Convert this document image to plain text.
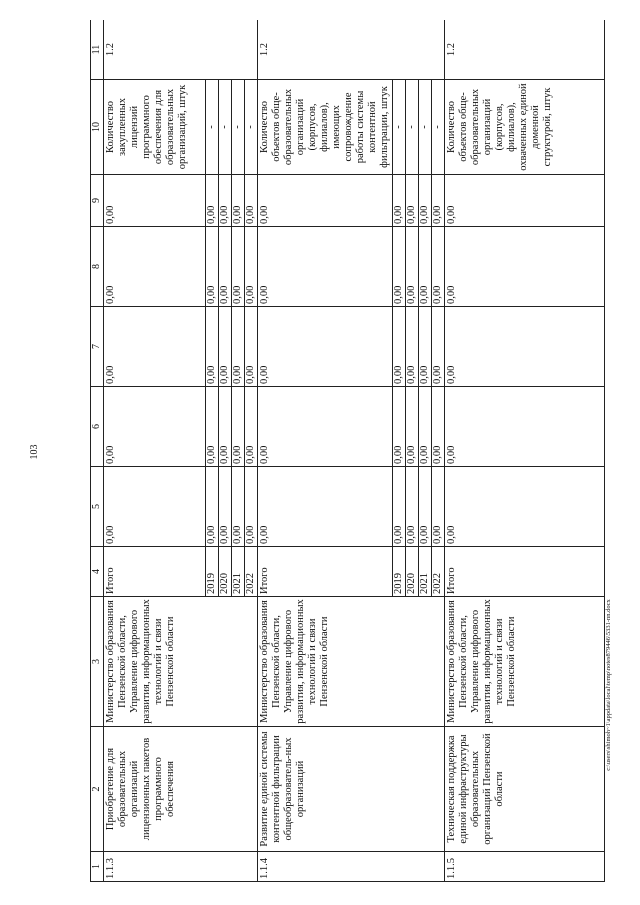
103
c:\users\shimoh~1\appdata\local\temp\notes879446\5331-nn.docx
1	2	3	4	5	6	7	8	9	10	11
1.1.3	Приобретение для образовательных организаций лицензионных пакетов программного обеспечения	Министерство образования Пензенской области, Управление цифрового развития, информационных технологий и связи Пензенской области	Итого	0,00	0,00	0,00	0,00	0,00	Количество закупленных лицензий программного обеспечения для образовательных организаций, штук	1.2
			2019	0,00	0,00	0,00	0,00	0,00	-	
			2020	0,00	0,00	0,00	0,00	0,00	-	
			2021	0,00	0,00	0,00	0,00	0,00	-	
			2022	0,00	0,00	0,00	0,00	0,00	-	
1.1.4	Развитие единой системы контентной фильтрации общеобразователь-ных организаций	Министерство образования Пензенской области, Управление цифрового развития, информационных технологий и связи Пензенской области	Итого	0,00	0,00	0,00	0,00	0,00	Количество объектов обще-образовательных организаций (корпусов, филиалов), имеющих сопровождение работы системы контентной фильтрации, штук	1.2
			2019	0,00	0,00	0,00	0,00	0,00	-	
			2020	0,00	0,00	0,00	0,00	0,00	-	
			2021	0,00	0,00	0,00	0,00	0,00	-	
			2022	0,00	0,00	0,00	0,00	0,00	-	
1.1.5	Техническая поддержка единой инфраструктуры образовательных организаций Пензенской области	Министерство образования Пензенской области, Управление цифрового развития, информационных технологий и связи Пензенской области	Итого	0,00	0,00	0,00	0,00	0,00	Количество объектов обще-образовательных организаций (корпусов, филиалов), охваченных единой доменной структурой, штук	1.2
